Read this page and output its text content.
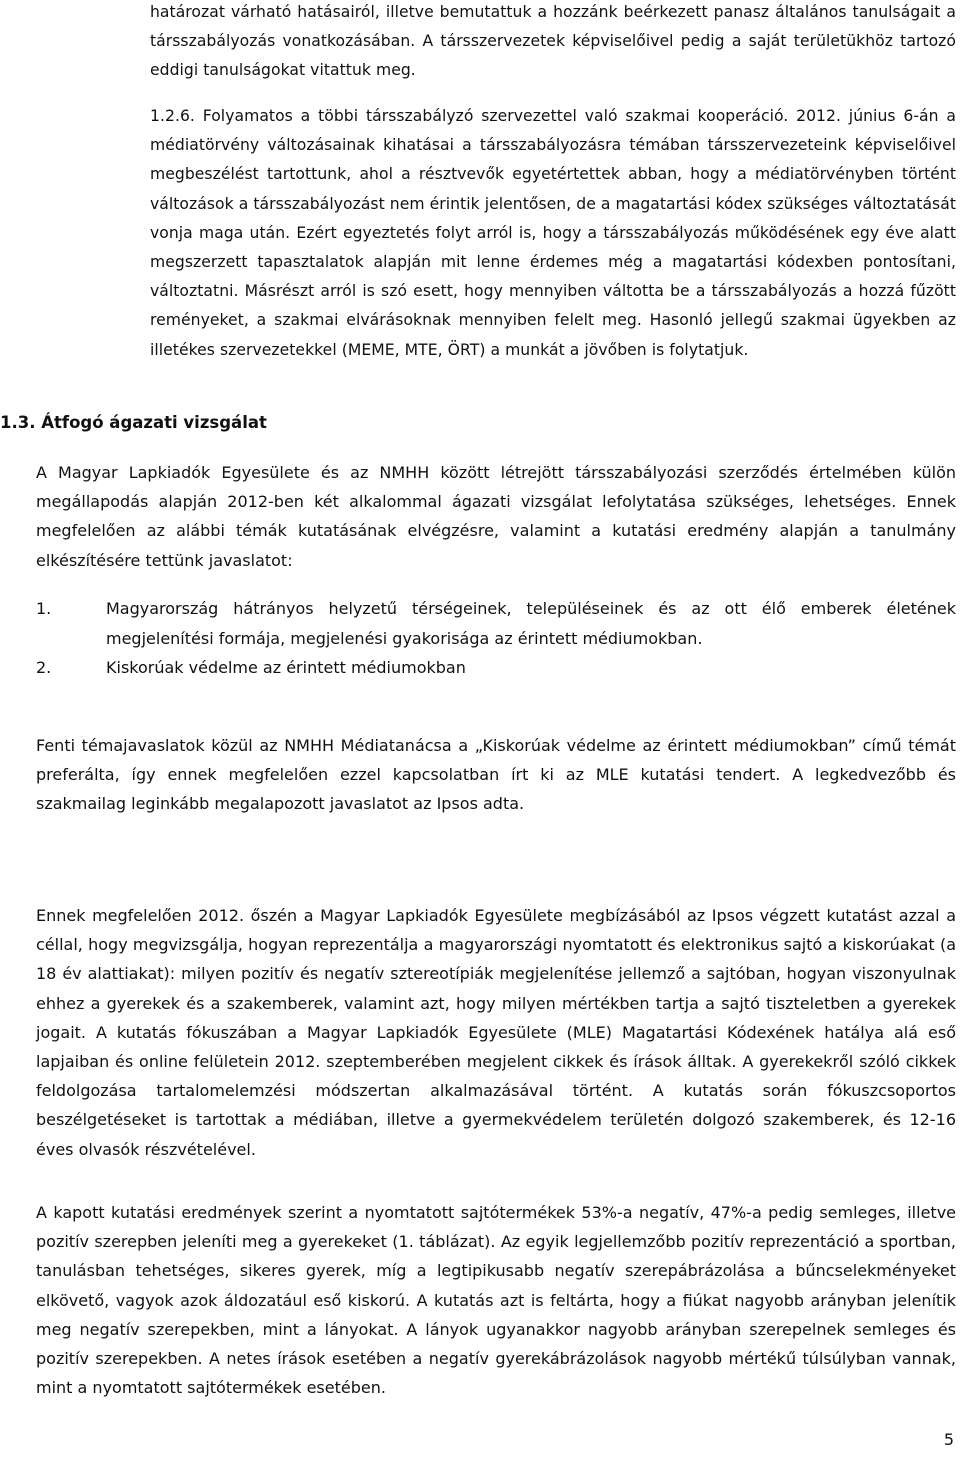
határozat várható hatásairól, illetve bemutattuk a hozzánk beérkezett panasz általános tanulságait a társszabályozás vonatkozásában. A társszervezetek képviselőivel pedig a saját területükhöz tartozó eddigi tanulságokat vitattuk meg.

1.2.6. Folyamatos a többi társszabályzó szervezettel való szakmai kooperáció. 2012. június 6-án a médiatörvény változásainak kihatásai a társszabályozásra témában társszervezeteink képviselőivel megbeszélést tartottunk, ahol a résztvevők egyetértettek abban, hogy a médiatörvényben történt változások a társszabályozást nem érintik jelentősen, de a magatartási kódex szükséges változtatását vonja maga után. Ezért egyeztetés folyt arról is, hogy a társszabályozás működésének egy éve alatt megszerzett tapasztalatok alapján mit lenne érdemes még a magatartási kódexben pontosítani, változtatni. Másrészt arról is szó esett, hogy mennyiben váltotta be a társszabályozás a hozzá fűzött reményeket, a szakmai elvárásoknak mennyiben felelt meg. Hasonló jellegű szakmai ügyekben az illetékes szervezetekkel (MEME, MTE, ÖRT) a munkát a jövőben is folytatjuk.

1.3. Átfogó ágazati vizsgálat

A Magyar Lapkiadók Egyesülete és az NMHH között létrejött társszabályozási szerződés értelmében külön megállapodás alapján 2012-ben két alkalommal ágazati vizsgálat lefolytatása szükséges, lehetséges. Ennek megfelelően az alábbi témák kutatásának elvégzésre, valamint a kutatási eredmény alapján a tanulmány elkészítésére tettünk javaslatot:

1.	Magyarország hátrányos helyzetű térségeinek, településeinek és az ott élő emberek életének megjelenítési formája, megjelenési gyakorisága az érintett médiumokban.
2.	Kiskorúak védelme az érintett médiumokban

Fenti témajavaslatok közül az NMHH Médiatanácsa a „Kiskorúak védelme az érintett médiumokban” című témát preferálta, így ennek megfelelően ezzel kapcsolatban írt ki az MLE kutatási tendert. A legkedvezőbb és szakmailag leginkább megalapozott javaslatot az Ipsos adta.

Ennek megfelelően 2012. őszén a Magyar Lapkiadók Egyesülete megbízásából az Ipsos végzett kutatást azzal a céllal, hogy megvizsgálja, hogyan reprezentálja a magyarországi nyomtatott és elektronikus sajtó a kiskorúakat (a 18 év alattiakat): milyen pozitív és negatív sztereotípiák megjelenítése jellemző a sajtóban, hogyan viszonyulnak ehhez a gyerekek és a szakemberek, valamint azt, hogy milyen mértékben tartja a sajtó tiszteletben a gyerekek jogait. A kutatás fókuszában a Magyar Lapkiadók Egyesülete (MLE) Magatartási Kódexének hatálya alá eső lapjaiban és online felületein 2012. szeptemberében megjelent cikkek és írások álltak. A gyerekekről szóló cikkek feldolgozása tartalomelemzési módszertan alkalmazásával történt. A kutatás során fókuszcsoportos beszélgetéseket is tartottak a médiában, illetve a gyermekvédelem területén dolgozó szakemberek, és 12-16 éves olvasók részvételével.

A kapott kutatási eredmények szerint a nyomtatott sajtótermékek 53%-a negatív, 47%-a pedig semleges, illetve pozitív szerepben jeleníti meg a gyerekeket (1. táblázat). Az egyik legjellemzőbb pozitív reprezentáció a sportban, tanulásban tehetséges, sikeres gyerek, míg a legtipikusabb negatív szerepábrázolása a bűncselekményeket elkövető, vagyok azok áldozatául eső kiskorú. A kutatás azt is feltárta, hogy a fiúkat nagyobb arányban jelenítik meg negatív szerepekben, mint a lányokat. A lányok ugyanakkor nagyobb arányban szerepelnek semleges és pozitív szerepekben. A netes írások esetében a negatív gyerekábrázolások nagyobb mértékű túlsúlyban vannak, mint a nyomtatott sajtótermékek esetében.

5
